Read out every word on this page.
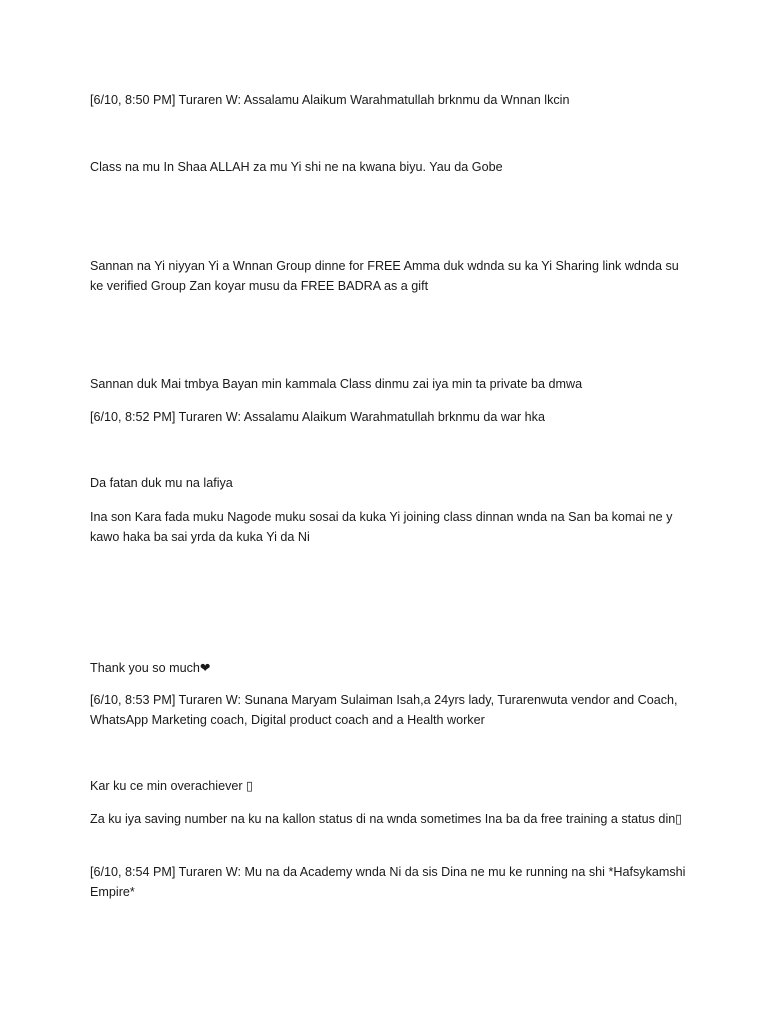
[6/10, 8:50 PM] Turaren W: Assalamu Alaikum Warahmatullah brknmu da Wnnan lkcin

Class na mu In Shaa ALLAH za mu Yi shi ne na kwana biyu. Yau da Gobe

Sannan na Yi niyyan Yi a Wnnan Group dinne for FREE Amma duk wdnda su ka Yi Sharing link wdnda su ke verified Group Zan koyar musu da FREE BADRA as a gift

Sannan duk Mai tmbya Bayan min kammala Class dinmu zai iya min ta private ba dmwa

[6/10, 8:52 PM] Turaren W: Assalamu Alaikum Warahmatullah brknmu da war hka

Da fatan duk mu na lafiya

Ina son Kara fada muku Nagode muku sosai da kuka Yi joining class dinnan wnda na San ba komai ne y kawo haka ba sai yrda da kuka Yi da Ni

Thank you so much❤

[6/10, 8:53 PM] Turaren W: Sunana Maryam Sulaiman Isah,a 24yrs lady, Turarenwuta vendor and Coach, WhatsApp Marketing coach, Digital product coach and a Health worker

Kar ku ce min overachiever ▯

Za ku iya saving number na ku na kallon status di na wnda sometimes Ina ba da free training a status din▯

[6/10, 8:54 PM] Turaren W: Mu na da Academy wnda Ni da sis Dina ne mu ke running na shi *Hafsykamshi Empire*
